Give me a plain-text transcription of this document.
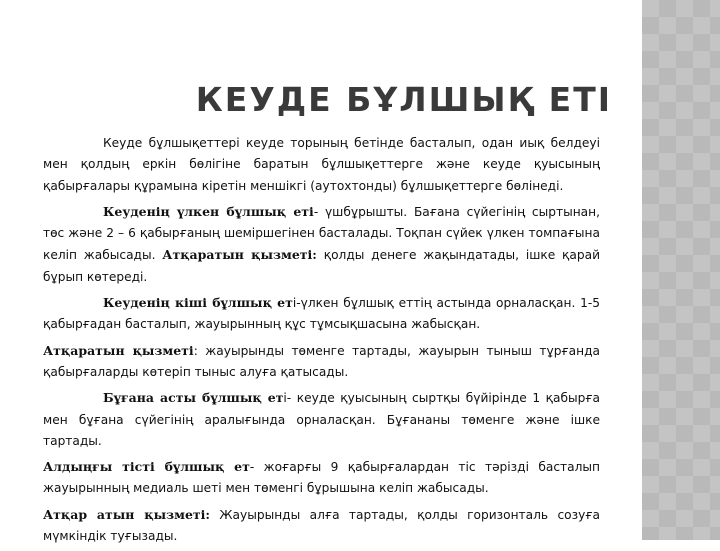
КЕУДЕ БҰЛШЫҚ ЕТІ

Кеуде бұлшықеттері кеуде торының бетінде басталып, одан иық белдеуі мен қолдың еркін бөлігіне баратын бұлшықеттерге және кеуде қуысының қабырғалары құрамына кіретін меншікгі (аутохтонды) бұлшықеттерге бөлінеді.

Кеуденің үлкен бұлшық еті- үшбұрышты. Бағана сүйегінің сыртынан, төс және 2 – 6 қабырғаның шеміршегінен басталады. Тоқпан сүйек үлкен томпағына келіп жабысады. Атқаратын қызметі: қолды денеге жақындатады, ішке қарай бұрып көтереді.

Кеуденің кіші бұлшық еті-үлкен бұлшық еттің астында орналасқан. 1-5 қабырғадан басталып, жауырынның құс тұмсықшасына жабысқан.

Атқаратын қызметі: жауырынды төменге тартады, жауырын тыныш тұрғанда қабырғаларды көтеріп тыныс алуға қатысады.

Бұғана асты бұлшық еті- кеуде қуысының сыртқы бүйірінде 1 қабырға мен бұғана сүйегінің аралығында орналасқан. Бұғананы төменге және ішке тартады.

Алдыңғы тісті бұлшық ет- жоғарғы 9 қабырғалардан тіс тәрізді басталып жауырынның медиаль шеті мен төменгі бұрышына келіп жабысады.

Атқар атын қызметі: Жауырынды алға тартады, қолды горизонталь созуға мүмкіндік туғызады.
